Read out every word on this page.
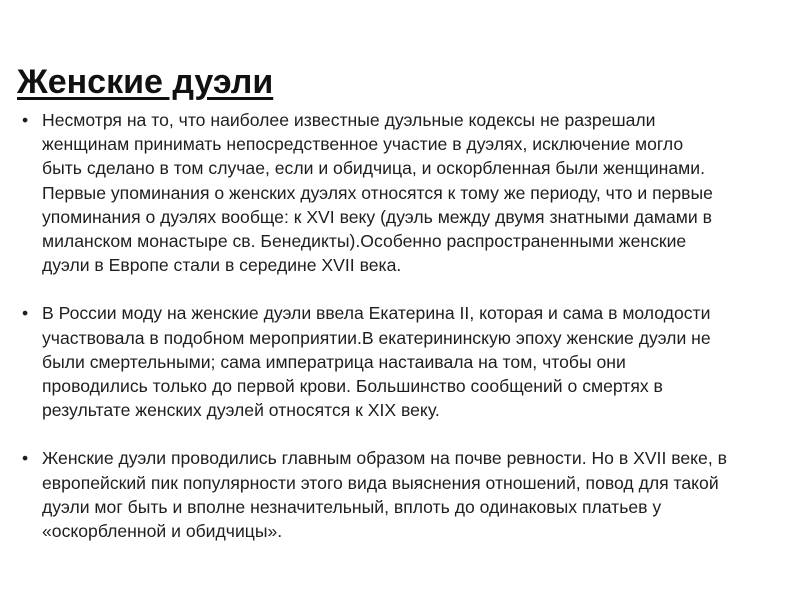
Женские дуэли
• Несмотря на то, что наиболее известные дуэльные кодексы не разрешали
женщинам принимать непосредственное участие в дуэлях, исключение могло
быть сделано в том случае, если и обидчица, и оскорбленная были женщинами.
Первые упоминания о женских дуэлях относятся к тому же периоду, что и первые
упоминания о дуэлях вообще: к XVI веку (дуэль между двумя знатными дамами в
миланском монастыре св. Бенедикты).Особенно распространенными женские
дуэли в Европе стали в середине XVII века.
• В России моду на женские дуэли ввела Екатерина II, которая и сама в молодости
участвовала в подобном мероприятии.В екатерининскую эпоху женские дуэли не
были смертельными; сама императрица настаивала на том, чтобы они
проводились только до первой крови. Большинство сообщений о смертях в
результате женских дуэлей относятся к XIX веку.
• Женские дуэли проводились главным образом на почве ревности. Но в XVII веке, в
европейский пик популярности этого вида выяснения отношений, повод для такой
дуэли мог быть и вполне незначительный, вплоть до одинаковых платьев у
«оскорбленной и обидчицы».
